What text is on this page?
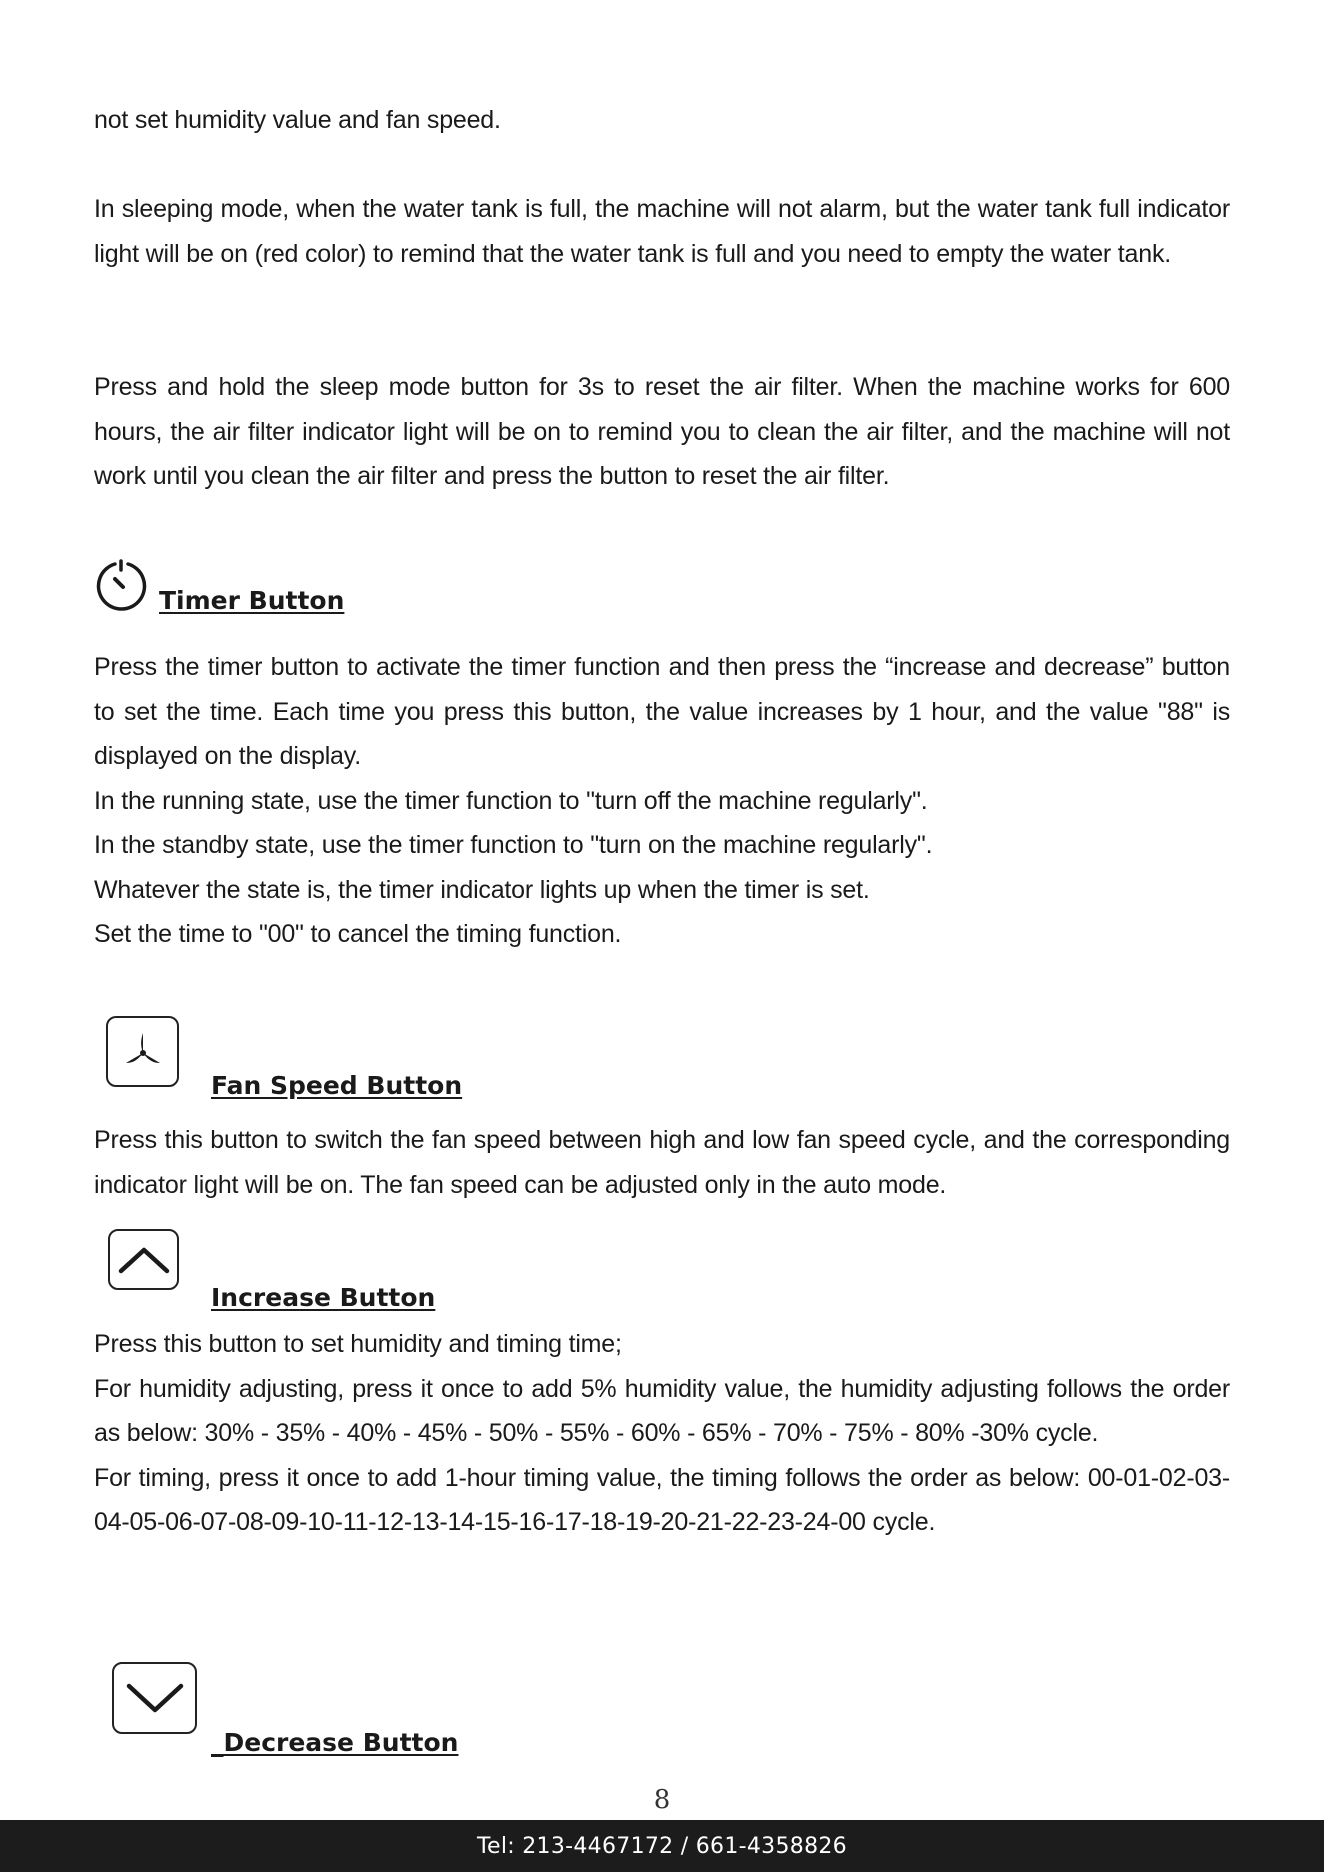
not set humidity value and fan speed.

In sleeping mode, when the water tank is full, the machine will not alarm, but the water tank full indicator light will be on (red color) to remind that the water tank is full and you need to empty the water tank.

Press and hold the sleep mode button for 3s to reset the air filter. When the machine works for 600 hours, the air filter indicator light will be on to remind you to clean the air filter, and the machine will not work until you clean the air filter and press the button to reset the air filter.

Timer Button

Press the timer button to activate the timer function and then press the “increase and decrease” button to set the time. Each time you press this button, the value increases by 1 hour, and the value "88" is displayed on the display.

In the running state, use the timer function to "turn off the machine regularly".

In the standby state, use the timer function to "turn on the machine regularly".

Whatever the state is, the timer indicator lights up when the timer is set.

Set the time to "00" to cancel the timing function.

Fan Speed Button

Press this button to switch the fan speed between high and low fan speed cycle, and the corresponding indicator light will be on. The fan speed can be adjusted only in the auto mode.

Increase Button

Press this button to set humidity and timing time;

For humidity adjusting, press it once to add 5% humidity value, the humidity adjusting follows the order as below: 30% - 35% - 40% - 45% - 50% - 55% - 60% - 65% - 70% - 75% - 80% -30% cycle.

For timing, press it once to add 1-hour timing value, the timing follows the order as below: 00-01-02-03-04-05-06-07-08-09-10-11-12-13-14-15-16-17-18-19-20-21-22-23-24-00 cycle.

_Decrease Button
8
Tel: 213-4467172 / 661-4358826
